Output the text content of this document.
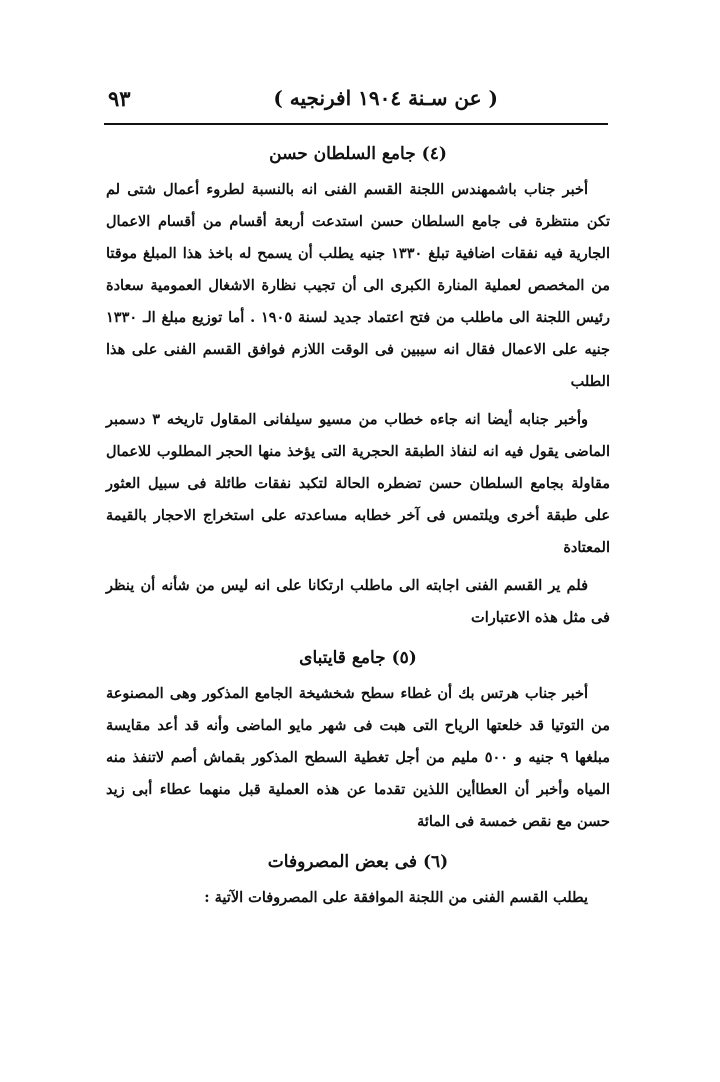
( عن سـنة ١٩٠٤ افرنجيه )
٩٣
(٤) جامع السلطان حسن

أخبر جناب باشمهندس اللجنة القسم الفنى انه بالنسبة لطروء أعمال شتى لم تكن منتظرة فى جامع السلطان حسن استدعت أربعة أقسام من أقسام الاعمال الجارية فيه نفقات اضافية تبلغ ١٣٣٠ جنيه يطلب أن يسمح له باخذ هذا المبلغ موقتا من المخصص لعملية المنارة الكبرى الى أن تجيب نظارة الاشغال العمومية سعادة رئيس اللجنة الى ماطلب من فتح اعتماد جديد لسنة ١٩٠٥ . أما توزيع مبلغ الـ ١٣٣٠ جنيه على الاعمال فقال انه سيبين فى الوقت اللازم فوافق القسم الفنى على هذا الطلب

وأخبر جنابه أيضا انه جاءه خطاب من مسيو سيلفانى المقاول تاريخه ٣ دسمبر الماضى يقول فيه انه لنفاذ الطبقة الحجرية التى يؤخذ منها الحجر المطلوب للاعمال مقاولة بجامع السلطان حسن تضطره الحالة لتكبد نفقات طائلة فى سبيل العثور على طبقة أخرى ويلتمس فى آخر خطابه مساعدته على استخراج الاحجار بالقيمة المعتادة

فلم ير القسم الفنى اجابته الى ماطلب ارتكانا على انه ليس من شأنه أن ينظر فى مثل هذه الاعتبارات

(٥) جامع قايتباى

أخبر جناب هرتس بك أن غطاء سطح شخشيخة الجامع المذكور وهى المصنوعة من التوتيا قد خلعتها الرياح التى هبت فى شهر مايو الماضى وأنه قد أعد مقايسة مبلغها ٩ جنيه و ٥٠٠ مليم من أجل تغطية السطح المذكور بقماش أصم لاتنفذ منه المياه وأخبر أن العطاأين اللذين تقدما عن هذه العملية قبل منهما عطاء أبى زيد حسن مع نقص خمسة فى المائة

(٦) فى بعض المصروفات

يطلب القسم الفنى من اللجنة الموافقة على المصروفات الآتية :
